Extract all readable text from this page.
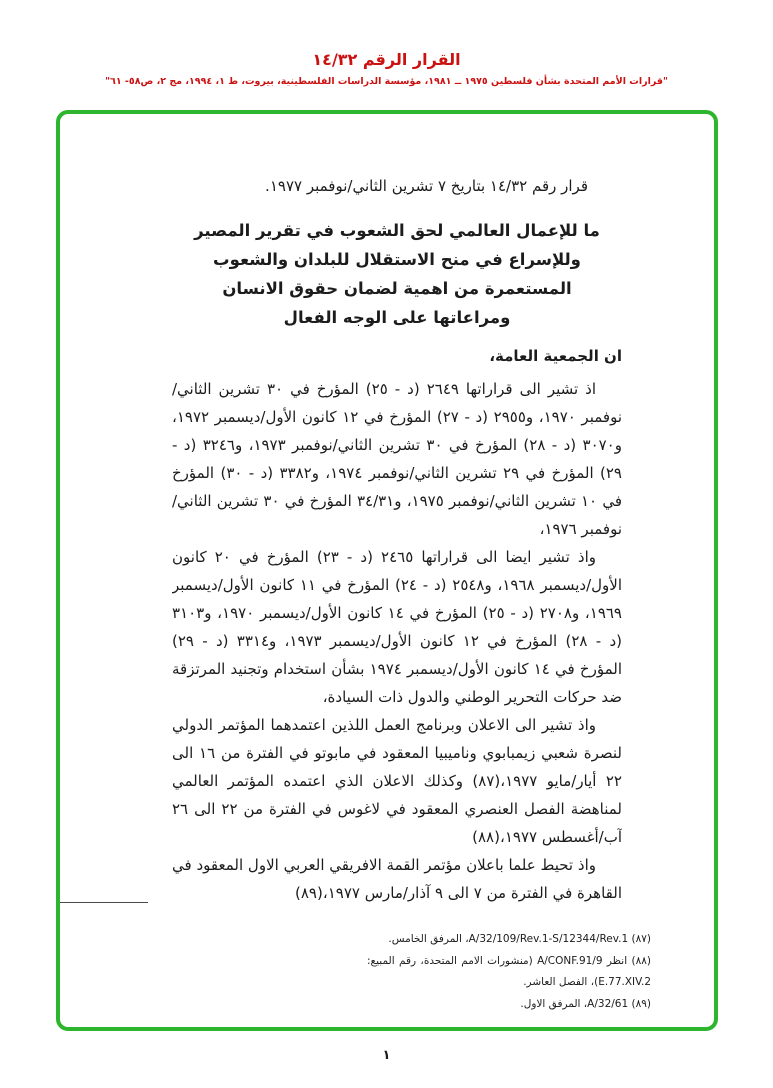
القرار الرقم ١٤/٣٢
"قرارات الأمم المتحدة بشأن فلسطين ١٩٧٥ ــ ١٩٨١، مؤسسة الدراسات الفلسطينية، بيروت، ط ١، ١٩٩٤، مج ٢، ص٥٨- ٦١"

قرار رقم ١٤/٣٢ بتاريخ ٧ تشرين الثاني/نوفمبر ١٩٧٧.

ما للإعمال العالمي لحق الشعوب في تقرير المصير
وللإسراع في منح الاستقلال للبلدان والشعوب
المستعمرة من اهمية لضمان حقوق الانسان
ومراعاتها على الوجه الفعال

ان الجمعية العامة،

اذ تشير الى قراراتها ٢٦٤٩ (د - ٢٥) المؤرخ في ٣٠ تشرين الثاني/نوفمبر ١٩٧٠، و٢٩٥٥ (د - ٢٧) المؤرخ في ١٢ كانون الأول/ديسمبر ١٩٧٢، و٣٠٧٠ (د - ٢٨) المؤرخ في ٣٠ تشرين الثاني/نوفمبر ١٩٧٣، و٣٢٤٦ (د - ٢٩) المؤرخ في ٢٩ تشرين الثاني/نوفمبر ١٩٧٤، و٣٣٨٢ (د - ٣٠) المؤرخ في ١٠ تشرين الثاني/نوفمبر ١٩٧٥، و٣٤/٣١ المؤرخ في ٣٠ تشرين الثاني/نوفمبر ١٩٧٦،

واذ تشير ايضا الى قراراتها ٢٤٦٥ (د - ٢٣) المؤرخ في ٢٠ كانون الأول/ديسمبر ١٩٦٨، و٢٥٤٨ (د - ٢٤) المؤرخ في ١١ كانون الأول/ديسمبر ١٩٦٩، و٢٧٠٨ (د - ٢٥) المؤرخ في ١٤ كانون الأول/ديسمبر ١٩٧٠، و٣١٠٣ (د - ٢٨) المؤرخ في ١٢ كانون الأول/ديسمبر ١٩٧٣، و٣٣١٤ (د - ٢٩) المؤرخ في ١٤ كانون الأول/ديسمبر ١٩٧٤ بشأن استخدام وتجنيد المرتزقة ضد حركات التحرير الوطني والدول ذات السيادة،

واذ تشير الى الاعلان وبرنامج العمل اللذين اعتمدهما المؤتمر الدولي لنصرة شعبي زيمبابوي وناميبيا المعقود في مابوتو في الفترة من ١٦ الى ٢٢ أيار/مايو ١٩٧٧،(٨٧) وكذلك الاعلان الذي اعتمده المؤتمر العالمي لمناهضة الفصل العنصري المعقود في لاغوس في الفترة من ٢٢ الى ٢٦ آب/أغسطس ١٩٧٧،(٨٨)

واذ تحيط علما باعلان مؤتمر القمة الافريقي العربي الاول المعقود في القاهرة في الفترة من ٧ الى ٩ آذار/مارس ١٩٧٧،(٨٩)

(٨٧) A/32/109/Rev.1-S/12344/Rev.1، المرفق الخامس.

(٨٨) انظر A/CONF.91/9 (منشورات الامم المتحدة، رقم المبيع: E.77.XIV.2)، الفصل العاشر.

(٨٩) A/32/61، المرفق الاول.

١
